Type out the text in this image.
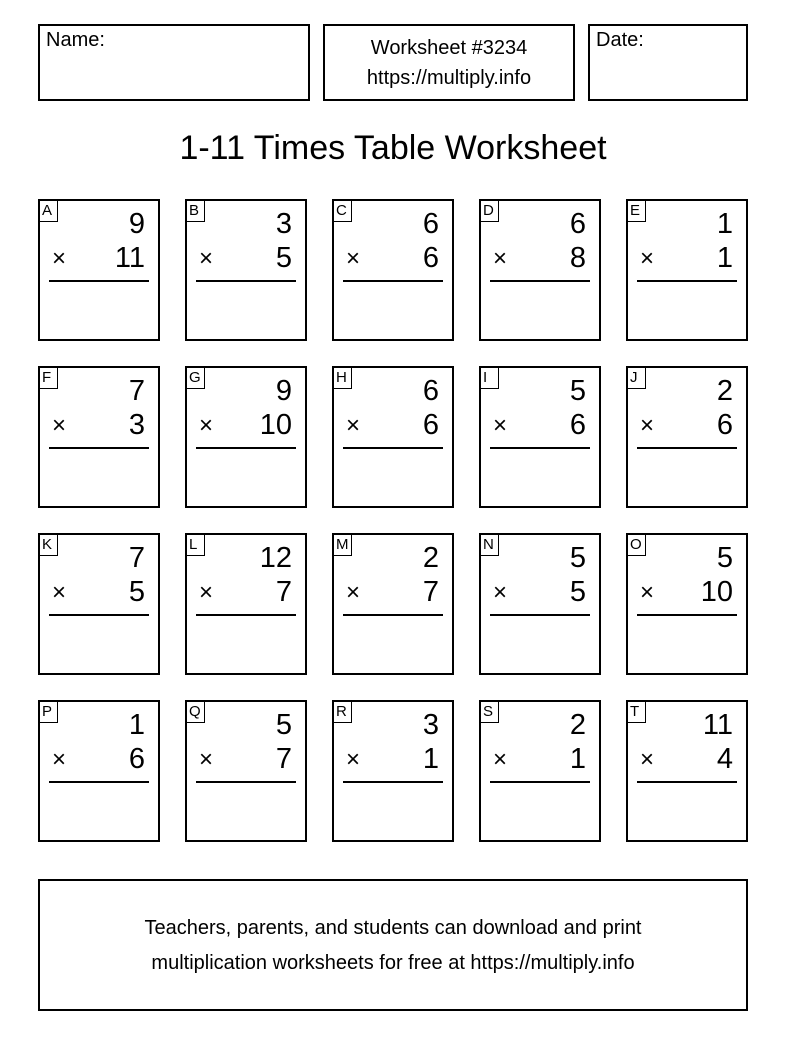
Name:	Worksheet #3234
https://multiply.info
Date:
1-11 Times Table Worksheet
A	9
× 11
B	3
× 5
C	6
× 6
D	6
× 8
E	1
× 1
F	7
× 3
G	9
× 10
H	6
× 6
I	5
× 6
J	2
× 6
K	7
× 5
L 12
× 7
M	2
× 7
N	5
× 5
O	5
× 10
P	1
× 6
Q	5
× 7
R	3
× 1
S	2
× 1
T 11
× 4
Teachers, parents, and students can download and print
multiplication worksheets for free at https://multiply.info
